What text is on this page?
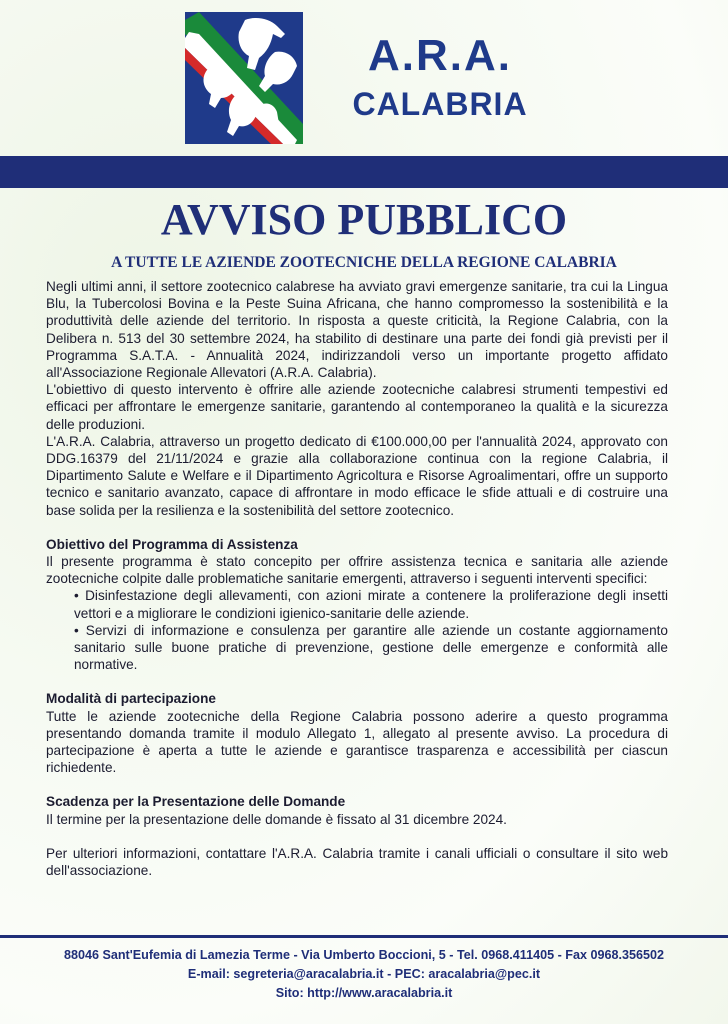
A.R.A.
CALABRIA
AVVISO PUBBLICO
A TUTTE LE AZIENDE ZOOTECNICHE DELLA REGIONE CALABRIA

Negli ultimi anni, il settore zootecnico calabrese ha avviato gravi emergenze sanitarie, tra cui la Lingua Blu, la Tubercolosi Bovina e la Peste Suina Africana, che hanno compromesso la sostenibilità e la produttività delle aziende del territorio. In risposta a queste criticità, la Regione Calabria, con la Delibera n. 513 del 30 settembre 2024, ha stabilito di destinare una parte dei fondi già previsti per il Programma S.A.T.A. - Annualità 2024, indirizzandoli verso un importante progetto affidato all'Associazione Regionale Allevatori (A.R.A. Calabria).

L'obiettivo di questo intervento è offrire alle aziende zootecniche calabresi strumenti tempestivi ed efficaci per affrontare le emergenze sanitarie, garantendo al contemporaneo la qualità e la sicurezza delle produzioni.

L'A.R.A. Calabria, attraverso un progetto dedicato di €100.000,00 per l'annualità 2024, approvato con DDG.16379 del 21/11/2024 e grazie alla collaborazione continua con la regione Calabria, il Dipartimento Salute e Welfare e il Dipartimento Agricoltura e Risorse Agroalimentari, offre un supporto tecnico e sanitario avanzato, capace di affrontare in modo efficace le sfide attuali e di costruire una base solida per la resilienza e la sostenibilità del settore zootecnico.

Obiettivo del Programma di Assistenza

Il presente programma è stato concepito per offrire assistenza tecnica e sanitaria alle aziende zootecniche colpite dalle problematiche sanitarie emergenti, attraverso i seguenti interventi specifici:

• Disinfestazione degli allevamenti, con azioni mirate a contenere la proliferazione degli insetti vettori e a migliorare le condizioni igienico-sanitarie delle aziende.
• Servizi di informazione e consulenza per garantire alle aziende un costante aggiornamento sanitario sulle buone pratiche di prevenzione, gestione delle emergenze e conformità alle normative.
Modalità di partecipazione

Tutte le aziende zootecniche della Regione Calabria possono aderire a questo programma presentando domanda tramite il modulo Allegato 1, allegato al presente avviso. La procedura di partecipazione è aperta a tutte le aziende e garantisce trasparenza e accessibilità per ciascun richiedente.

Scadenza per la Presentazione delle Domande

Il termine per la presentazione delle domande è fissato al 31 dicembre 2024.

Per ulteriori informazioni, contattare l'A.R.A. Calabria tramite i canali ufficiali o consultare il sito web dell'associazione.

88046 Sant'Eufemia di Lamezia Terme - Via Umberto Boccioni, 5 - Tel. 0968.411405 - Fax 0968.356502
E-mail: segreteria@aracalabria.it - PEC: aracalabria@pec.it
Sito: http://www.aracalabria.it
